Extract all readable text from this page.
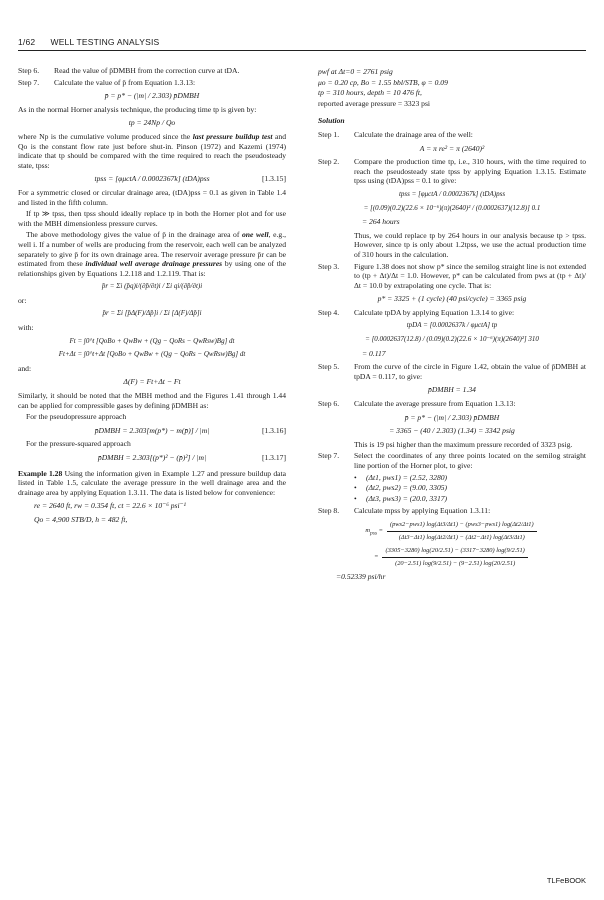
1/62 WELL TESTING ANALYSIS
Step 6.	Read the value of p̄DMBH from the correction curve at tDA.
Step 7.	Calculate the value of p̄ from Equation 1.3.13:
p̄ = p* − (|m| / 2.303) p̄DMBH

As in the normal Horner analysis technique, the producing time tp is given by:

tp = 24Np / Qo

where Np is the cumulative volume produced since the last pressure buildup test and Qo is the constant flow rate just before shut-in. Pinson (1972) and Kazemi (1974) indicate that tp should be compared with the time required to reach the pseudosteady state, tpss:

tpss = [φμctA / 0.0002367k] (tDA)pss	[1.3.15]

For a symmetric closed or circular drainage area, (tDA)pss = 0.1 as given in Table 1.4 and listed in the fifth column.

If tp ≫ tpss, then tpss should ideally replace tp in both the Horner plot and for use with the MBH dimensionless pressure curves.

The above methodology gives the value of p̄ in the drainage area of one well, e.g., well i. If a number of wells are producing from the reservoir, each well can be analyzed separately to give p̄ for its own drainage area. The reservoir average pressure p̄r can be estimated from these individual well average drainage pressures by using one of the relationships given by Equations 1.2.118 and 1.2.119. That is:

p̄r = Σi (p̄q)i/(∂p̄/∂t)i / Σi qi/(∂p̄/∂t)i

or:

p̄r = Σi [p̄Δ(F)/Δp̄]i / Σi [Δ(F)/Δp̄]i

with:

Ft = ∫0^t [QoBo + QwBw + (Qg − QoRs − QwRsw)Bg] dt
Ft+Δt = ∫0^t+Δt [QoBo + QwBw + (Qg − QoRs − QwRsw)Bg] dt

and:

Δ(F) = Ft+Δt − Ft

Similarly, it should be noted that the MBH method and the Figures 1.41 through 1.44 can be applied for compressible gases by defining p̄DMBH as:

For the pseudopressure approach

p̄DMBH = 2.303[m(p*) − m(p̄)] / |m|	[1.3.16]

For the pressure-squared approach

p̄DMBH = 2.303[(p*)² − (p̄)²] / |m|	[1.3.17]

Example 1.28 Using the information given in Example 1.27 and pressure buildup data listed in Table 1.5, calculate the average pressure in the well drainage area and the drainage area by applying Equation 1.3.11. The data is listed below for convenience:

re = 2640 ft, rw = 0.354 ft, ct = 22.6 × 10⁻⁶ psi⁻¹
Qo = 4,900 STB/D, h = 482 ft,
pwf at Δt=0 = 2761 psig
μo = 0.20 cp, Bo = 1.55 bbl/STB, φ = 0.09
tp = 310 hours, depth = 10 476 ft,
reported average pressure = 3323 psi
Solution
Step 1.	Calculate the drainage area of the well:
A = π re² = π (2640)²
Step 2.	Compare the production time tp, i.e., 310 hours, with the time required to reach the pseudosteady state tpss by applying Equation 1.3.15. Estimate tpss using (tDA)pss = 0.1 to give:
tpss = [φμctA / 0.0002367k] (tDA)pss
= [(0.09)(0.2)(22.6 × 10⁻⁶)(π)(2640)² / (0.0002637)(12.8)] 0.1
= 264 hours

Thus, we could replace tp by 264 hours in our analysis because tp > tpss. However, since tp is only about 1.2tpss, we use the actual production time of 310 hours in the calculation.

Step 3.	Figure 1.38 does not show p* since the semilog straight line is not extended to (tp + Δt)/Δt = 1.0. However, p* can be calculated from pws at (tp + Δt)/Δt = 10.0 by extrapolating one cycle. That is:
p* = 3325 + (1 cycle) (40 psi/cycle) = 3365 psig
Step 4.	Calculate tpDA by applying Equation 1.3.14 to give:
tpDA = [0.0002637k / φμctA] tp
= [0.0002637(12.8) / (0.09)(0.2)(22.6 × 10⁻⁶)(π)(2640)²] 310
= 0.117
Step 5.	From the curve of the circle in Figure 1.42, obtain the value of p̄DMBH at tpDA = 0.117, to give:
p̄DMBH = 1.34
Step 6.	Calculate the average pressure from Equation 1.3.13:
p̄ = p* − (|m| / 2.303) p̄DMBH
= 3365 − (40 / 2.303) (1.34) = 3342 psig

This is 19 psi higher than the maximum pressure recorded of 3323 psig.

Step 7.	Select the coordinates of any three points located on the semilog straight line portion of the Horner plot, to give:
•	(Δt1, pws1) = (2.52, 3280)
•	(Δt2, pws2) = (9.00, 3305)
•	(Δt3, pws3) = (20.0, 3317)
Step 8.	Calculate mpss by applying Equation 1.3.11:
mpss = $\frac{\text{(pws2−pws1) log(Δt3/Δt1) − (pws3−pws1) log(Δt2/Δt1)}}{(\Delta t3-\Delta t1) \log(\Delta t2/\Delta t1) - (\Delta t2-\Delta t1) \log(\Delta t3/\Delta t1)}$
= $\frac{(3305-3280) \log(20/2.51) - (3317-3280) \log(9/2.51)}{(20-2.51) \log(9/2.51) - (9-2.51) \log(20/2.51)}$
=0.52339 psi/hr
TLFeBOOK
